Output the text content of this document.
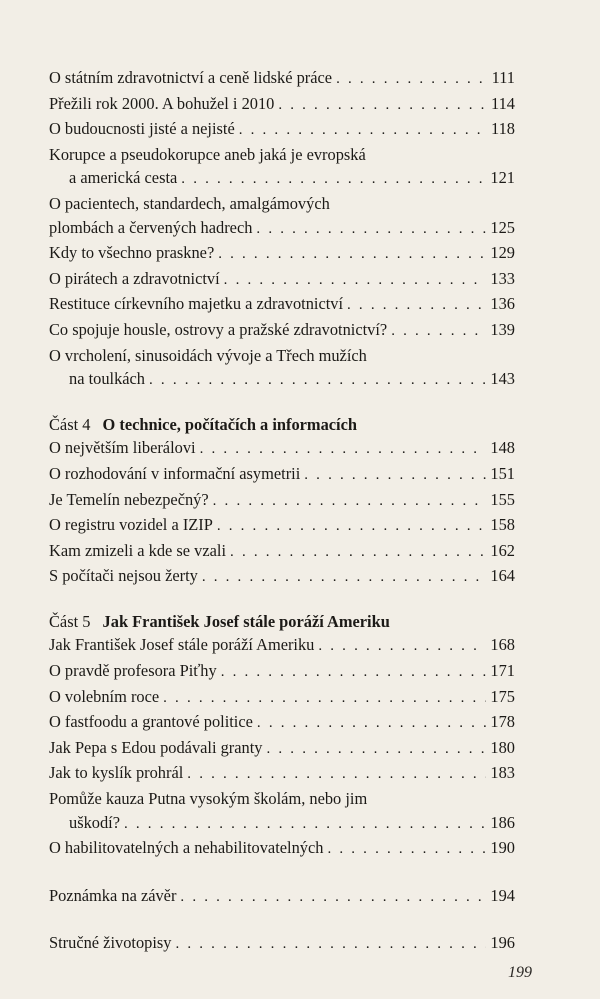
O státním zdravotnictví a ceně lidské práce . . .	111
Přežili rok 2000. A bohužel i 2010 . . .	114
O budoucnosti jisté a nejisté . . .	118
Korupce a pseudokorupce aneb jaká je evropská
a americká cesta . . .	121
O pacientech, standardech, amalgámových
plombách a červených hadrech . . .	125
Kdy to všechno praskne? . . .	129
O pirátech a zdravotnictví . . .	133
Restituce církevního majetku a zdravotnictví . . .	136
Co spojuje housle, ostrovy a pražské zdravotnictví? . . .	139
O vrcholení, sinusoidách vývoje a Třech mužích
na toulkách . . .	143
Část 4 O technice, počítačích a informacích
O největším liberálovi . . .	148
O rozhodování v informační asymetrii . . .	151
Je Temelín nebezpečný? . . .	155
O registru vozidel a IZIP . . .	158
Kam zmizeli a kde se vzali . . .	162
S počítači nejsou žerty . . .	164
Část 5 Jak František Josef stále poráží Ameriku
Jak František Josef stále poráží Ameriku . . .	168
O pravdě profesora Piťhy . . .	171
O volebním roce . . .	175
O fastfoodu a grantové politice . . .	178
Jak Pepa s Edou podávali granty . . .	180
Jak to kyslík prohrál . . .	183
Pomůže kauza Putna vysokým školám, nebo jim
uškodí? . . .	186
O habilitovatelných a nehabilitovatelných . . .	190
Poznámka na závěr . . .	194
Stručné životopisy . . .	196
199
